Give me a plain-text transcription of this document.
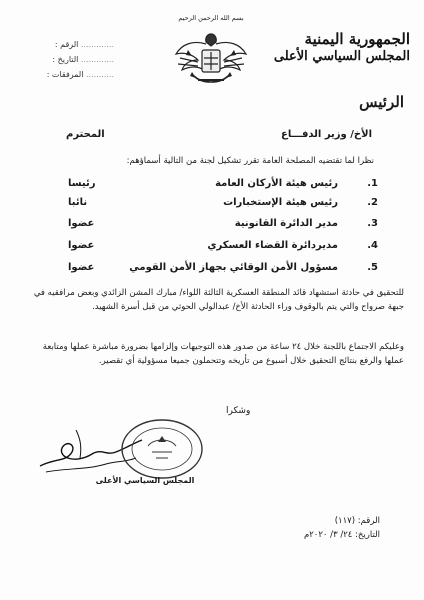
الجمهورية اليمنية
المجلس السياسي الأعلى
الرئيس
............. الرقم :
............. التاريخ :
........... المرفقات :
بسم الله الرحمن الرحيم
الأخ/ وزير الدفـــاع
المحترم
نظرا لما تقتضيه المصلحة العامة تقرر تشكيل لجنة من التالية أسماؤهم:
1.
رئيس هيئة الأركان العامة
رئيسا
2.
رئيس هيئة الإستخبارات
نائبا
3.
مدير الدائرة القانونية
عضوا
4.
مديردائرة القضاء العسكري
عضوا
5.
مسؤول الأمن الوقائي بجهاز الأمن القومي
عضوا
للتحقيق في حادثة استشهاد قائد المنطقة العسكرية الثالثة اللواء/ مبارك المشن الزائدي وبعض مرافقيه في جبهة صرواح والتي يتم بالوقوف وراء الحادثة الأخ/ عبدالولي الحوثي من قبل أسرة الشهيد.
وعليكم الاجتماع باللجنة خلال ٢٤ ساعة من صدور هذه التوجيهات وإلزامها بضرورة مباشرة عملها ومتابعة عملها والرفع بنتائج التحقيق خلال أسبوع من تأريخه وتتحملون جميعا مسؤولية أي تقصير.
وشكرا
المجلس السياسي الأعلى
الرقم: (١١٧)
التاريخ: ٢٤/ ٣/ ٢٠٢٠م
